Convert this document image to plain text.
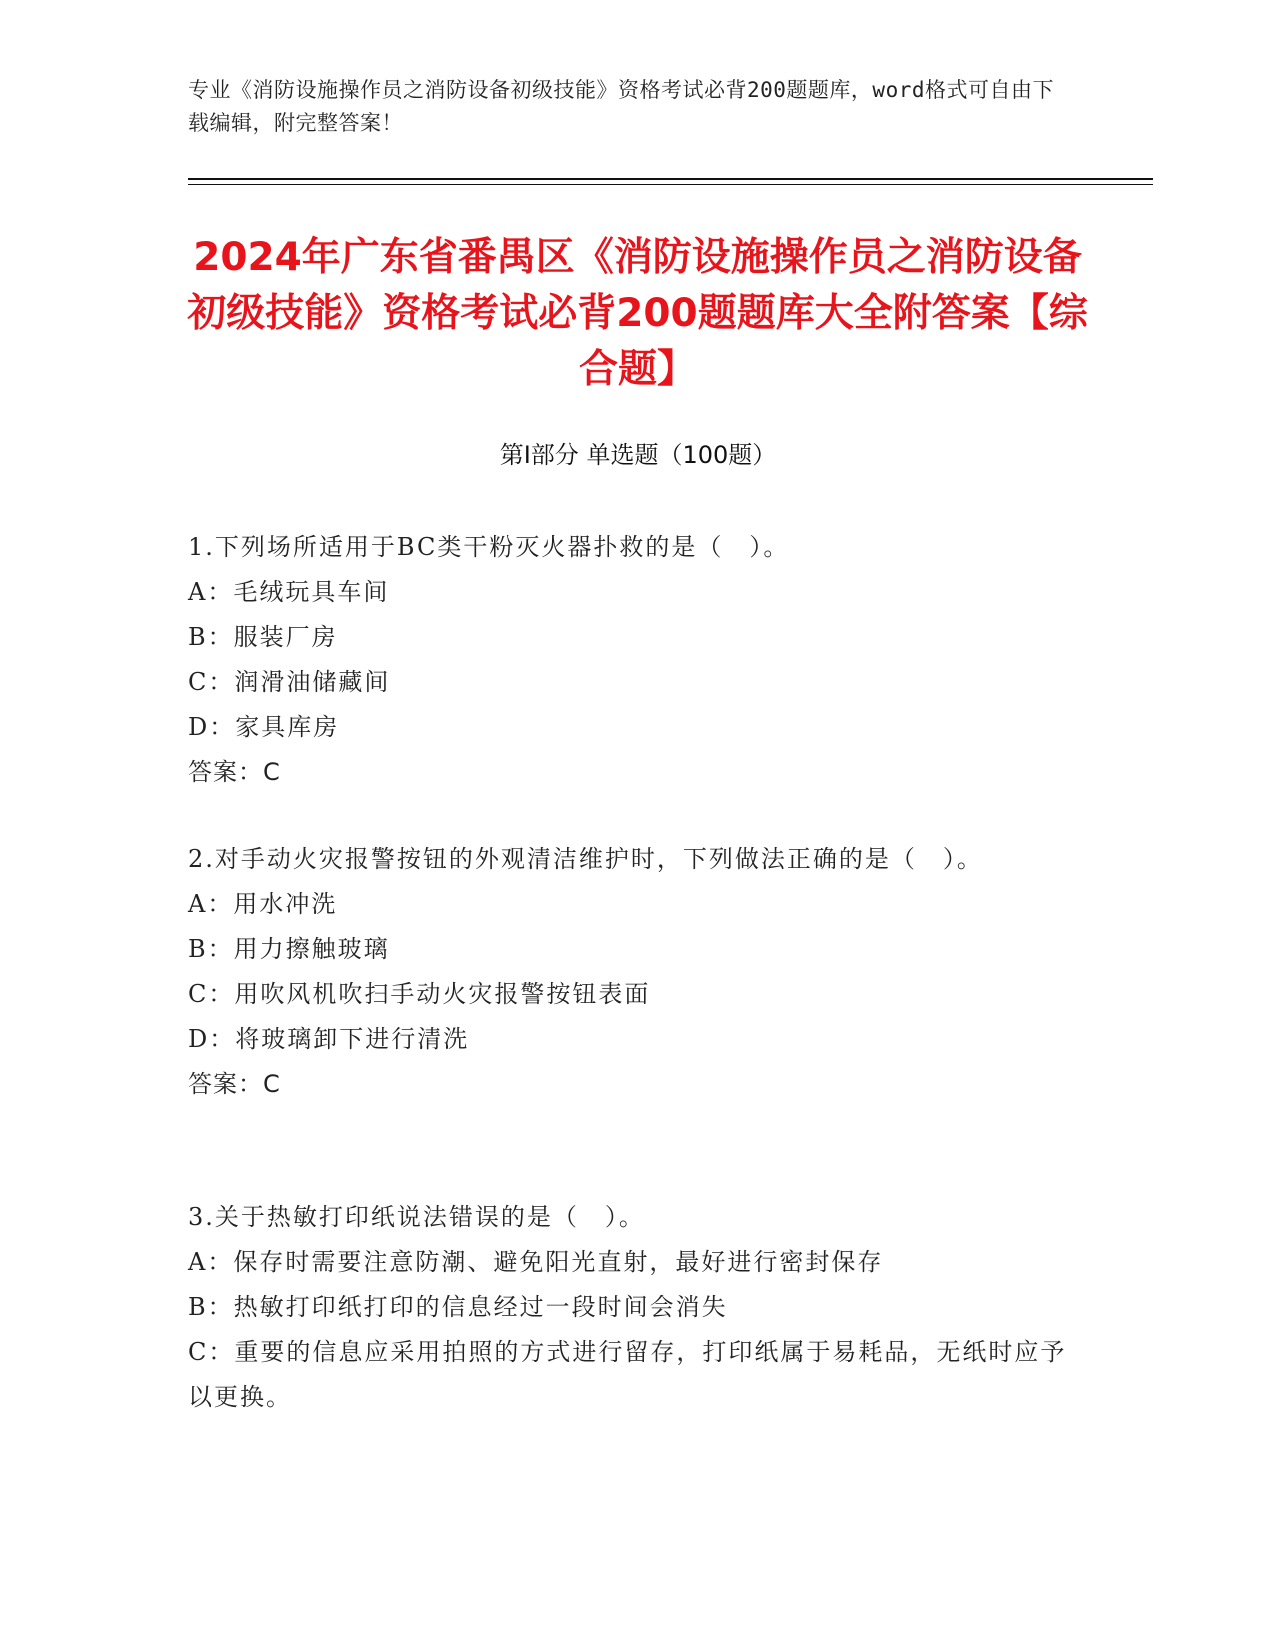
专业《消防设施操作员之消防设备初级技能》资格考试必背200题题库，word格式可自由下载编辑，附完整答案！
2024年广东省番禺区《消防设施操作员之消防设备初级技能》资格考试必背200题题库大全附答案【综合题】
第I部分 单选题（100题）
1.下列场所适用于BC类干粉灭火器扑救的是（　）。
A：毛绒玩具车间
B：服装厂房
C：润滑油储藏间
D：家具库房
答案：C
2.对手动火灾报警按钮的外观清洁维护时，下列做法正确的是（　）。
A：用水冲洗
B：用力擦触玻璃
C：用吹风机吹扫手动火灾报警按钮表面
D：将玻璃卸下进行清洗
答案：C
3.关于热敏打印纸说法错误的是（　）。
A：保存时需要注意防潮、避免阳光直射，最好进行密封保存
B：热敏打印纸打印的信息经过一段时间会消失
C：重要的信息应采用拍照的方式进行留存，打印纸属于易耗品，无纸时应予以更换。
